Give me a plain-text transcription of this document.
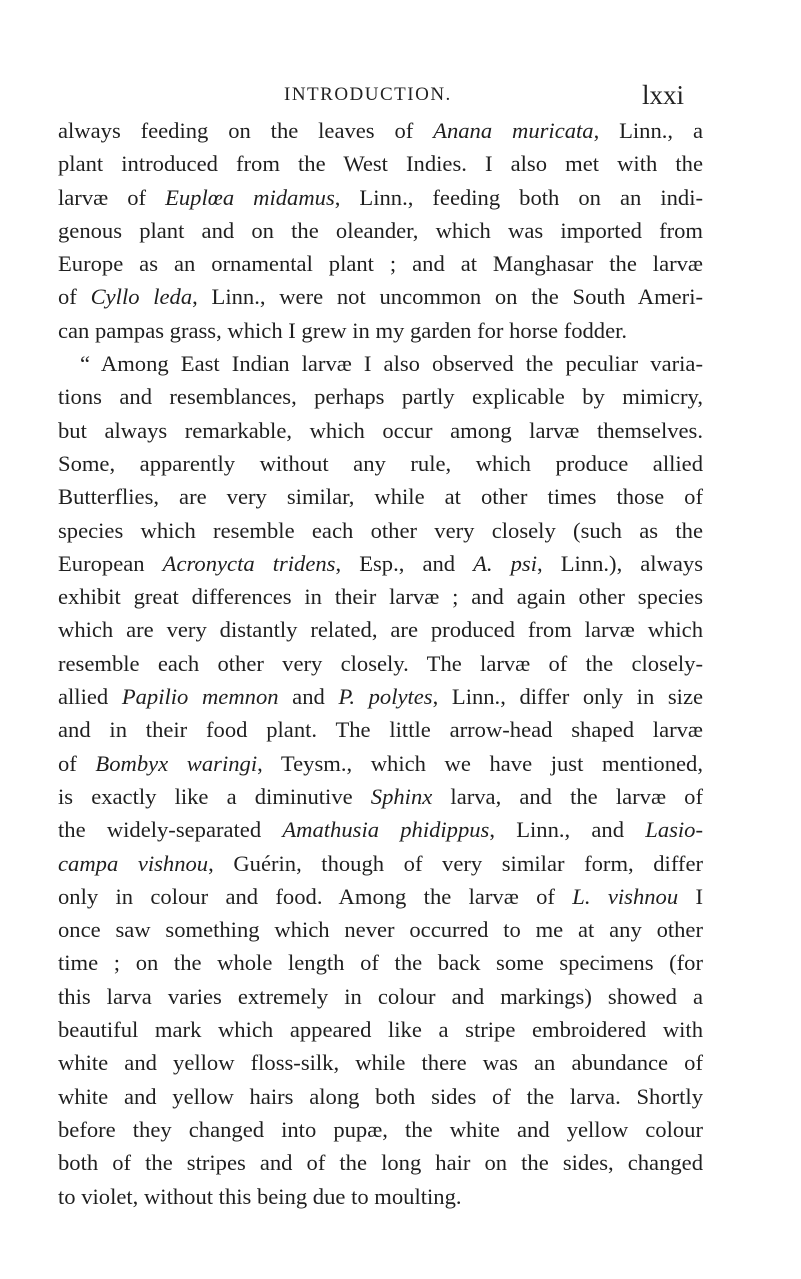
INTRODUCTION.	lxxi
always feeding on the leaves of Anana muricata, Linn., a
plant introduced from the West Indies. I also met with the
larvæ of Euplœa midamus, Linn., feeding both on an indi-
genous plant and on the oleander, which was imported from
Europe as an ornamental plant ; and at Manghasar the larvæ
of Cyllo leda, Linn., were not uncommon on the South Ameri-
can pampas grass, which I grew in my garden for horse fodder.
“ Among East Indian larvæ I also observed the peculiar varia-
tions and resemblances, perhaps partly explicable by mimicry,
but always remarkable, which occur among larvæ themselves.
Some, apparently without any rule, which produce allied
Butterflies, are very similar, while at other times those of
species which resemble each other very closely (such as the
European Acronycta tridens, Esp., and A. psi, Linn.), always
exhibit great differences in their larvæ ; and again other species
which are very distantly related, are produced from larvæ which
resemble each other very closely. The larvæ of the closely-
allied Papilio memnon and P. polytes, Linn., differ only in size
and in their food plant. The little arrow-head shaped larvæ
of Bombyx waringi, Teysm., which we have just mentioned,
is exactly like a diminutive Sphinx larva, and the larvæ of
the widely-separated Amathusia phidippus, Linn., and Lasio-
campa vishnou, Guérin, though of very similar form, differ
only in colour and food. Among the larvæ of L. vishnou I
once saw something which never occurred to me at any other
time ; on the whole length of the back some specimens (for
this larva varies extremely in colour and markings) showed a
beautiful mark which appeared like a stripe embroidered with
white and yellow floss-silk, while there was an abundance of
white and yellow hairs along both sides of the larva. Shortly
before they changed into pupæ, the white and yellow colour
both of the stripes and of the long hair on the sides, changed
to violet, without this being due to moulting.
